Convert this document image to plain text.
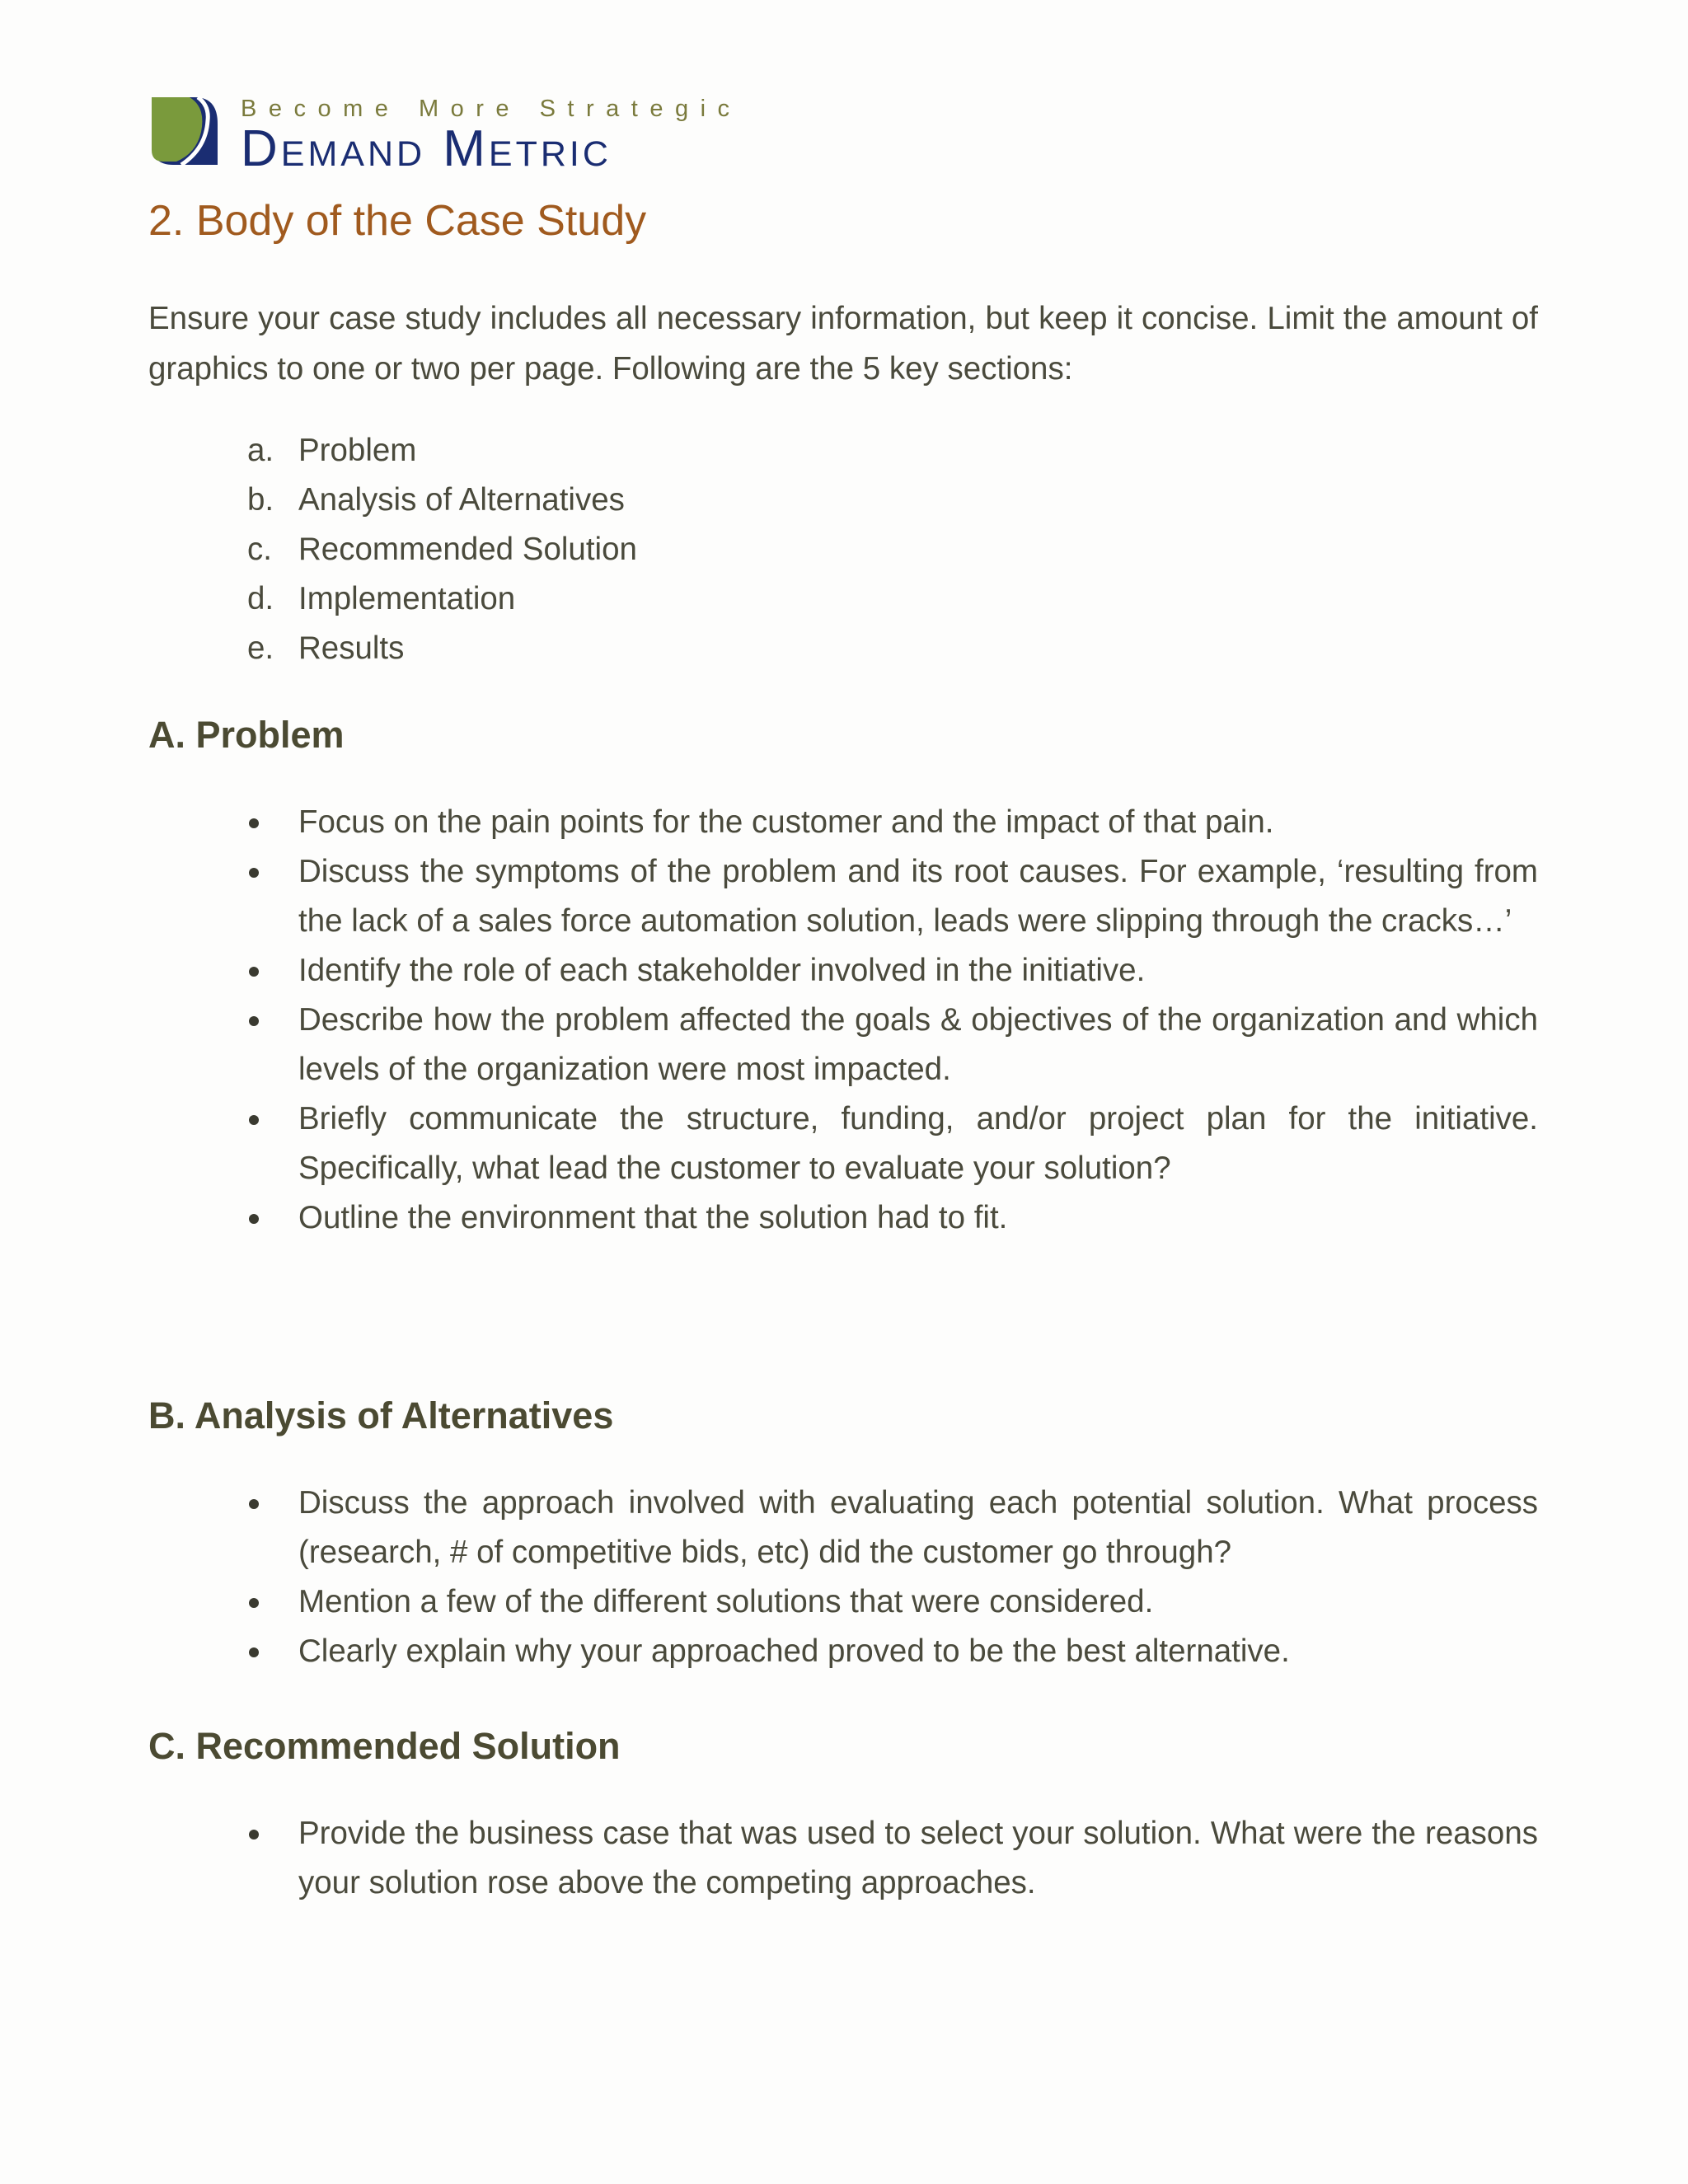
Become More Strategic
Demand Metric
2. Body of the Case Study

Ensure your case study includes all necessary information, but keep it concise. Limit the amount of graphics to one or two per page. Following are the 5 key sections:

a. Problem
b. Analysis of Alternatives
c. Recommended Solution
d. Implementation
e. Results
A. Problem
Focus on the pain points for the customer and the impact of that pain.
Discuss the symptoms of the problem and its root causes. For example, ‘resulting from the lack of a sales force automation solution, leads were slipping through the cracks…’
Identify the role of each stakeholder involved in the initiative.
Describe how the problem affected the goals & objectives of the organization and which levels of the organization were most impacted.
Briefly communicate the structure, funding, and/or project plan for the initiative. Specifically, what lead the customer to evaluate your solution?
Outline the environment that the solution had to fit.
B. Analysis of Alternatives
Discuss the approach involved with evaluating each potential solution. What process (research, # of competitive bids, etc) did the customer go through?
Mention a few of the different solutions that were considered.
Clearly explain why your approached proved to be the best alternative.
C. Recommended Solution
Provide the business case that was used to select your solution. What were the reasons your solution rose above the competing approaches.
